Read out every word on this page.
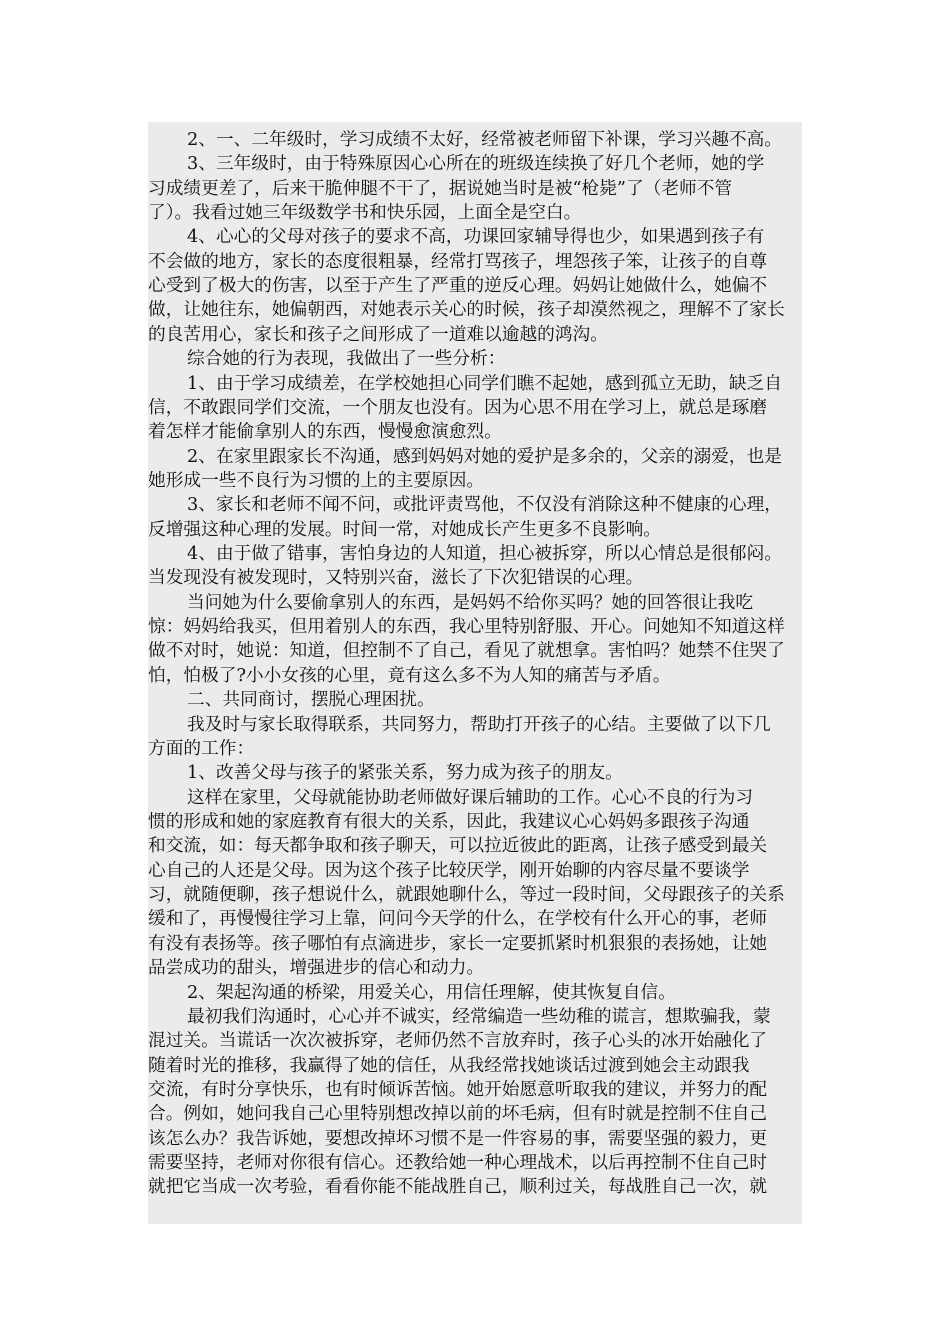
2、一、二年级时，学习成绩不太好，经常被老师留下补课，学习兴趣不高。
3、三年级时，由于特殊原因心心所在的班级连续换了好几个老师，她的学
习成绩更差了，后来干脆伸腿不干了，据说她当时是被“枪毙”了（老师不管
了）。我看过她三年级数学书和快乐园，上面全是空白。
4、心心的父母对孩子的要求不高，功课回家辅导得也少，如果遇到孩子有
不会做的地方，家长的态度很粗暴，经常打骂孩子，埋怨孩子笨，让孩子的自尊
心受到了极大的伤害，以至于产生了严重的逆反心理。妈妈让她做什么，她偏不
做，让她往东，她偏朝西，对她表示关心的时候，孩子却漠然视之，理解不了家长
的良苦用心，家长和孩子之间形成了一道难以逾越的鸿沟。
综合她的行为表现，我做出了一些分析：
1、由于学习成绩差，在学校她担心同学们瞧不起她，感到孤立无助，缺乏自
信，不敢跟同学们交流，一个朋友也没有。因为心思不用在学习上，就总是琢磨
着怎样才能偷拿别人的东西，慢慢愈演愈烈。
2、在家里跟家长不沟通，感到妈妈对她的爱护是多余的，父亲的溺爱，也是
她形成一些不良行为习惯的上的主要原因。
3、家长和老师不闻不问，或批评责骂他，不仅没有消除这种不健康的心理，
反增强这种心理的发展。时间一常，对她成长产生更多不良影响。
4、由于做了错事，害怕身边的人知道，担心被拆穿，所以心情总是很郁闷。
当发现没有被发现时，又特别兴奋，滋长了下次犯错误的心理。
当问她为什么要偷拿别人的东西，是妈妈不给你买吗？她的回答很让我吃
惊：妈妈给我买，但用着别人的东西，我心里特别舒服、开心。问她知不知道这样
做不对时，她说：知道，但控制不了自己，看见了就想拿。害怕吗？她禁不住哭了
怕，怕极了?小小女孩的心里，竟有这么多不为人知的痛苦与矛盾。
二、共同商讨，摆脱心理困扰。
我及时与家长取得联系，共同努力，帮助打开孩子的心结。主要做了以下几
方面的工作：
1、改善父母与孩子的紧张关系，努力成为孩子的朋友。
这样在家里，父母就能协助老师做好课后辅助的工作。心心不良的行为习
惯的形成和她的家庭教育有很大的关系，因此，我建议心心妈妈多跟孩子沟通
和交流，如：每天都争取和孩子聊天，可以拉近彼此的距离，让孩子感受到最关
心自己的人还是父母。因为这个孩子比较厌学，刚开始聊的内容尽量不要谈学
习，就随便聊，孩子想说什么，就跟她聊什么，等过一段时间，父母跟孩子的关系
缓和了，再慢慢往学习上靠，问问今天学的什么，在学校有什么开心的事，老师
有没有表扬等。孩子哪怕有点滴进步，家长一定要抓紧时机狠狠的表扬她，让她
品尝成功的甜头，增强进步的信心和动力。
2、架起沟通的桥梁，用爱关心，用信任理解，使其恢复自信。
最初我们沟通时，心心并不诚实，经常编造一些幼稚的谎言，想欺骗我，蒙
混过关。当谎话一次次被拆穿，老师仍然不言放弃时，孩子心头的冰开始融化了
随着时光的推移，我赢得了她的信任，从我经常找她谈话过渡到她会主动跟我
交流，有时分享快乐，也有时倾诉苦恼。她开始愿意听取我的建议，并努力的配
合。例如，她问我自己心里特别想改掉以前的坏毛病，但有时就是控制不住自己
该怎么办？我告诉她，要想改掉坏习惯不是一件容易的事，需要坚强的毅力，更
需要坚持，老师对你很有信心。还教给她一种心理战术，以后再控制不住自己时
就把它当成一次考验，看看你能不能战胜自己，顺利过关，每战胜自己一次，就
